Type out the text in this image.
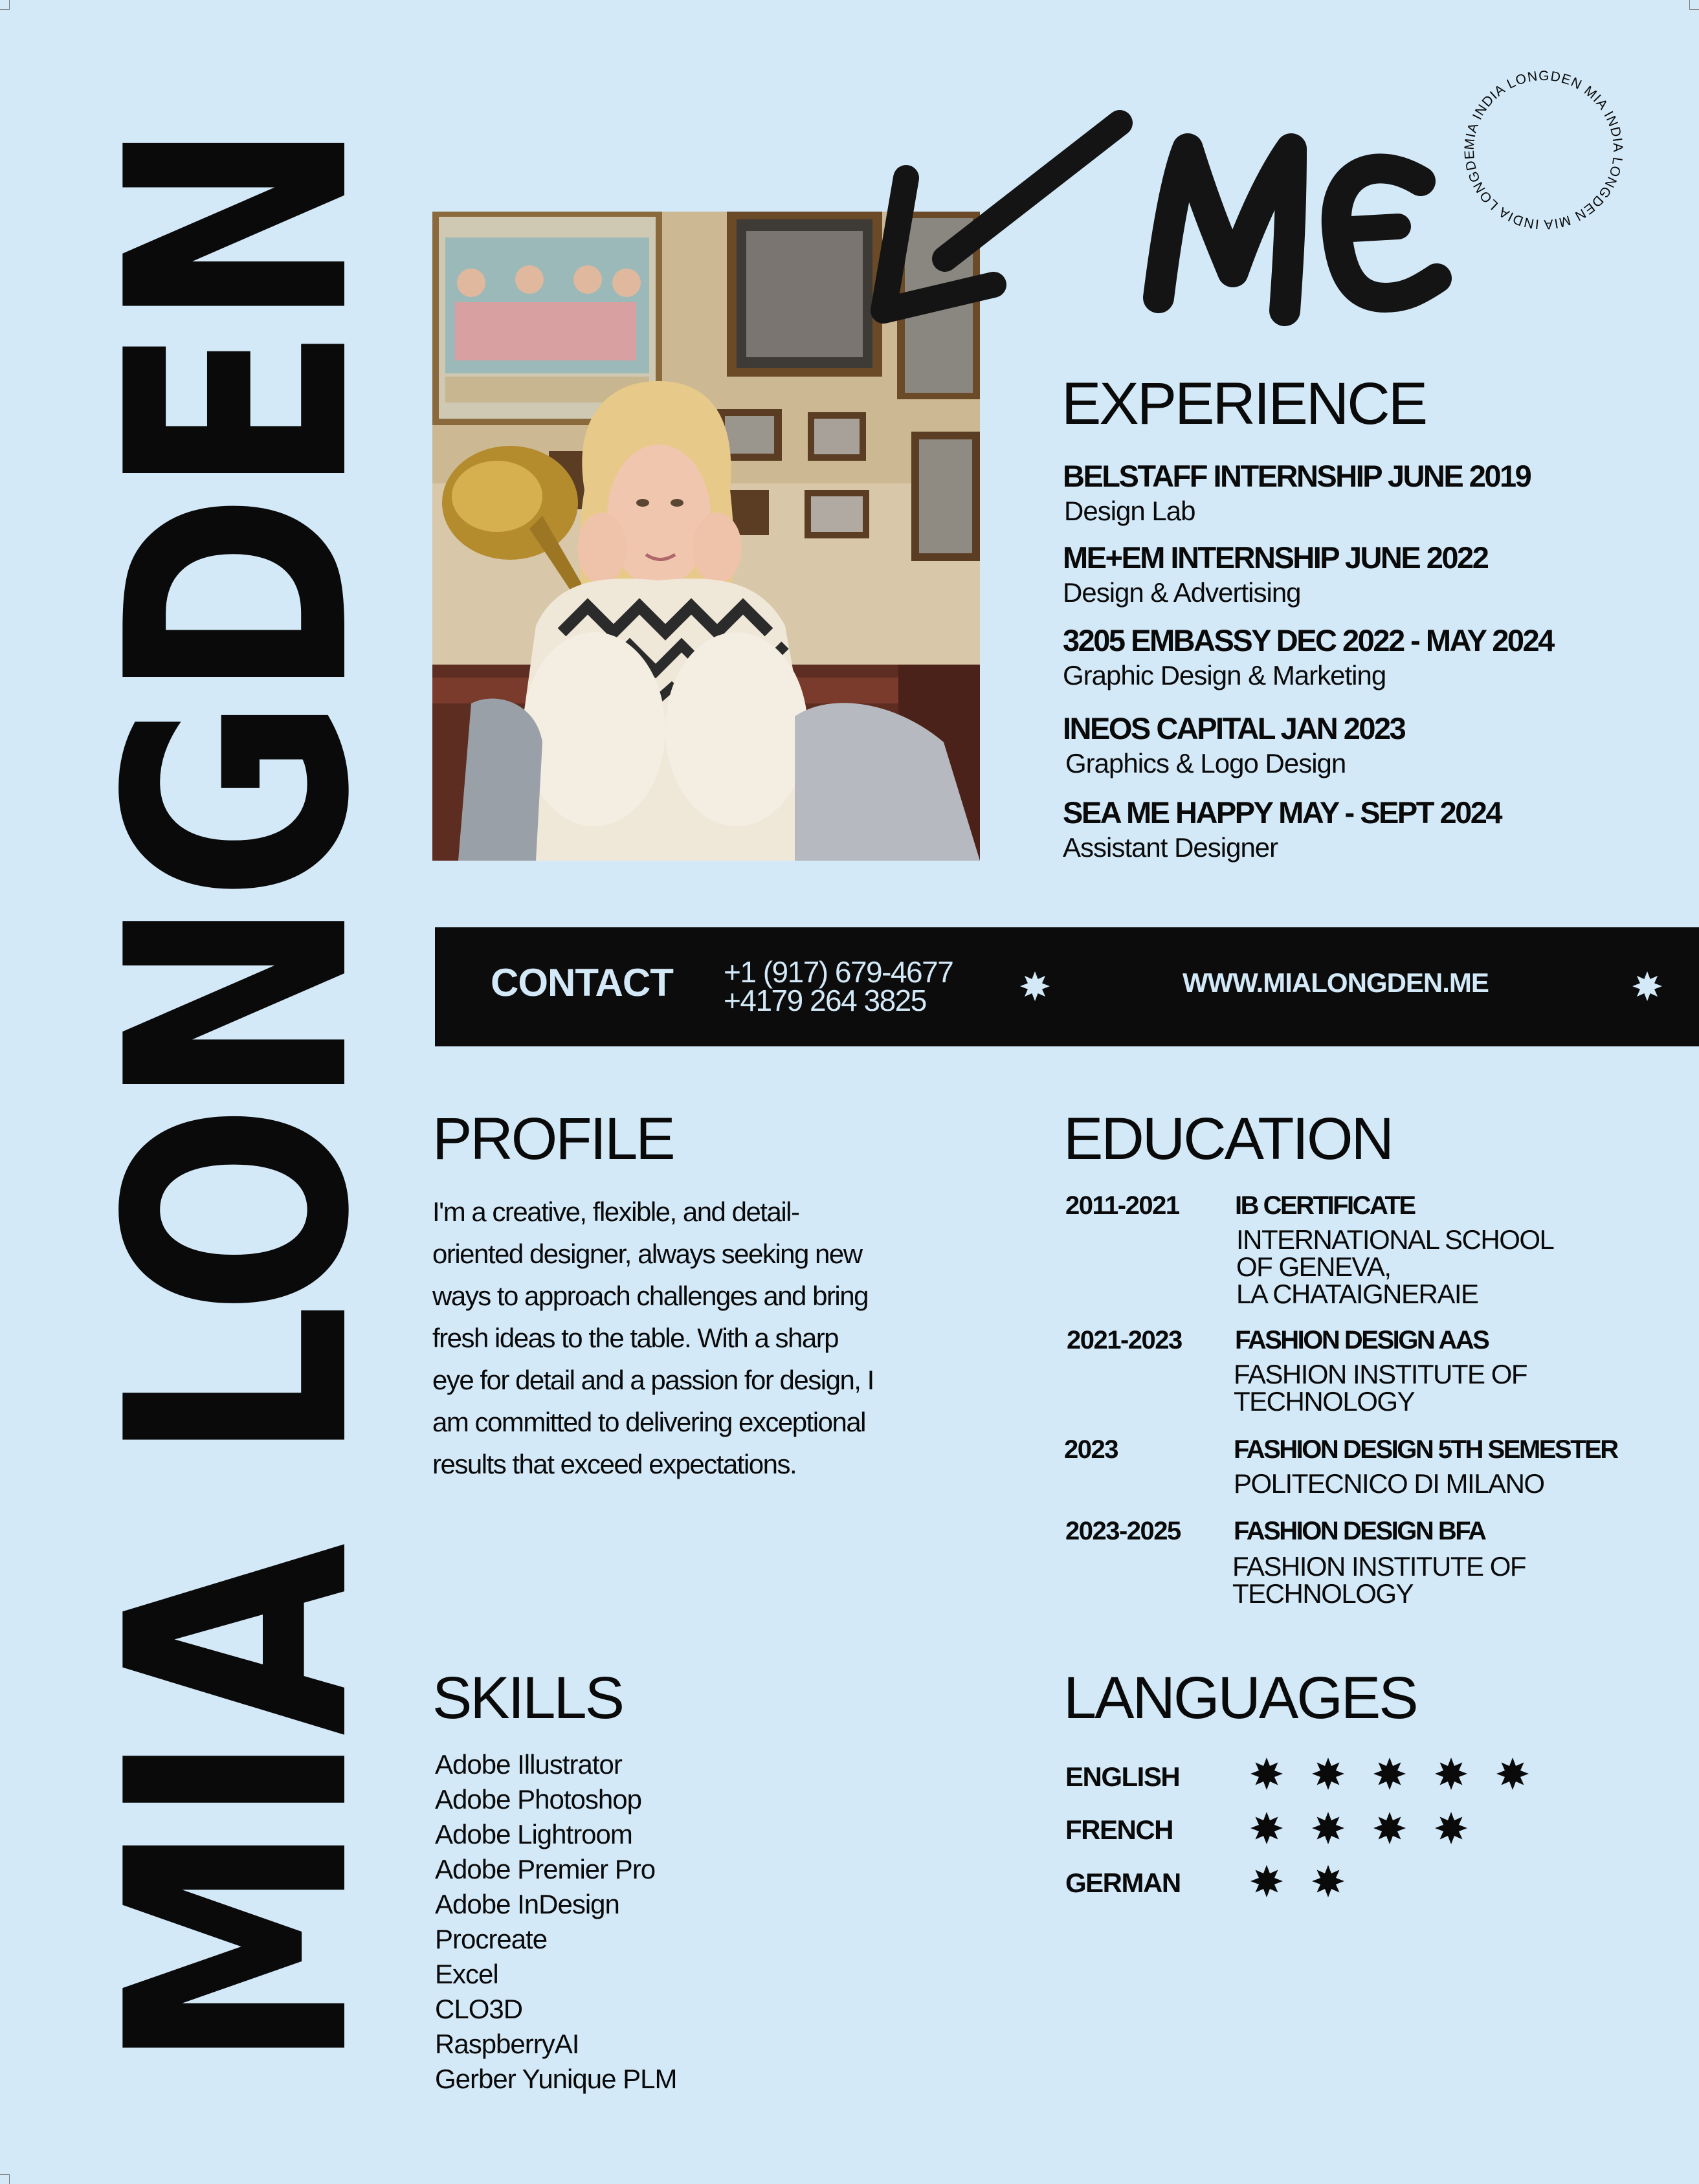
MIA LONGDEN	MIA INDIA LONGDEN MIA INDIA LONGDEN MIA INDIA LONGDE
EXPERIENCE
BELSTAFF INTERNSHIP JUNE 2019
Design Lab
ME+EM INTERNSHIP JUNE 2022
Design & Advertising
3205 EMBASSY DEC 2022 - MAY 2024
Graphic Design & Marketing
INEOS CAPITAL JAN 2023
Graphics & Logo Design
SEA ME HAPPY MAY - SEPT 2024
Assistant Designer
CONTACT +1 (917) 679-4677
+4179 264 3825
WWW.MIALONGDEN.ME
PROFILE
I'm a creative, flexible, and detail-oriented designer, always seeking new ways to approach challenges and bring fresh ideas to the table. With a sharp eye for detail and a passion for design, I am committed to delivering exceptional results that exceed expectations.
EDUCATION
2011-2021 IB CERTIFICATE
INTERNATIONAL SCHOOL
OF GENEVA,
LA CHATAIGNERAIE
2021-2023 FASHION DESIGN AAS
FASHION INSTITUTE OF
TECHNOLOGY
2023	FASHION DESIGN 5TH SEMESTER
POLITECNICO DI MILANO
2023-2025 FASHION DESIGN BFA
FASHION INSTITUTE OF
TECHNOLOGY
SKILLS
Adobe Illustrator
Adobe Photoshop
Adobe Lightroom
Adobe Premier Pro
Adobe InDesign
Procreate
Excel
CLO3D
RaspberryAI
Gerber Yunique PLM
LANGUAGES
ENGLISH
FRENCH
GERMAN
